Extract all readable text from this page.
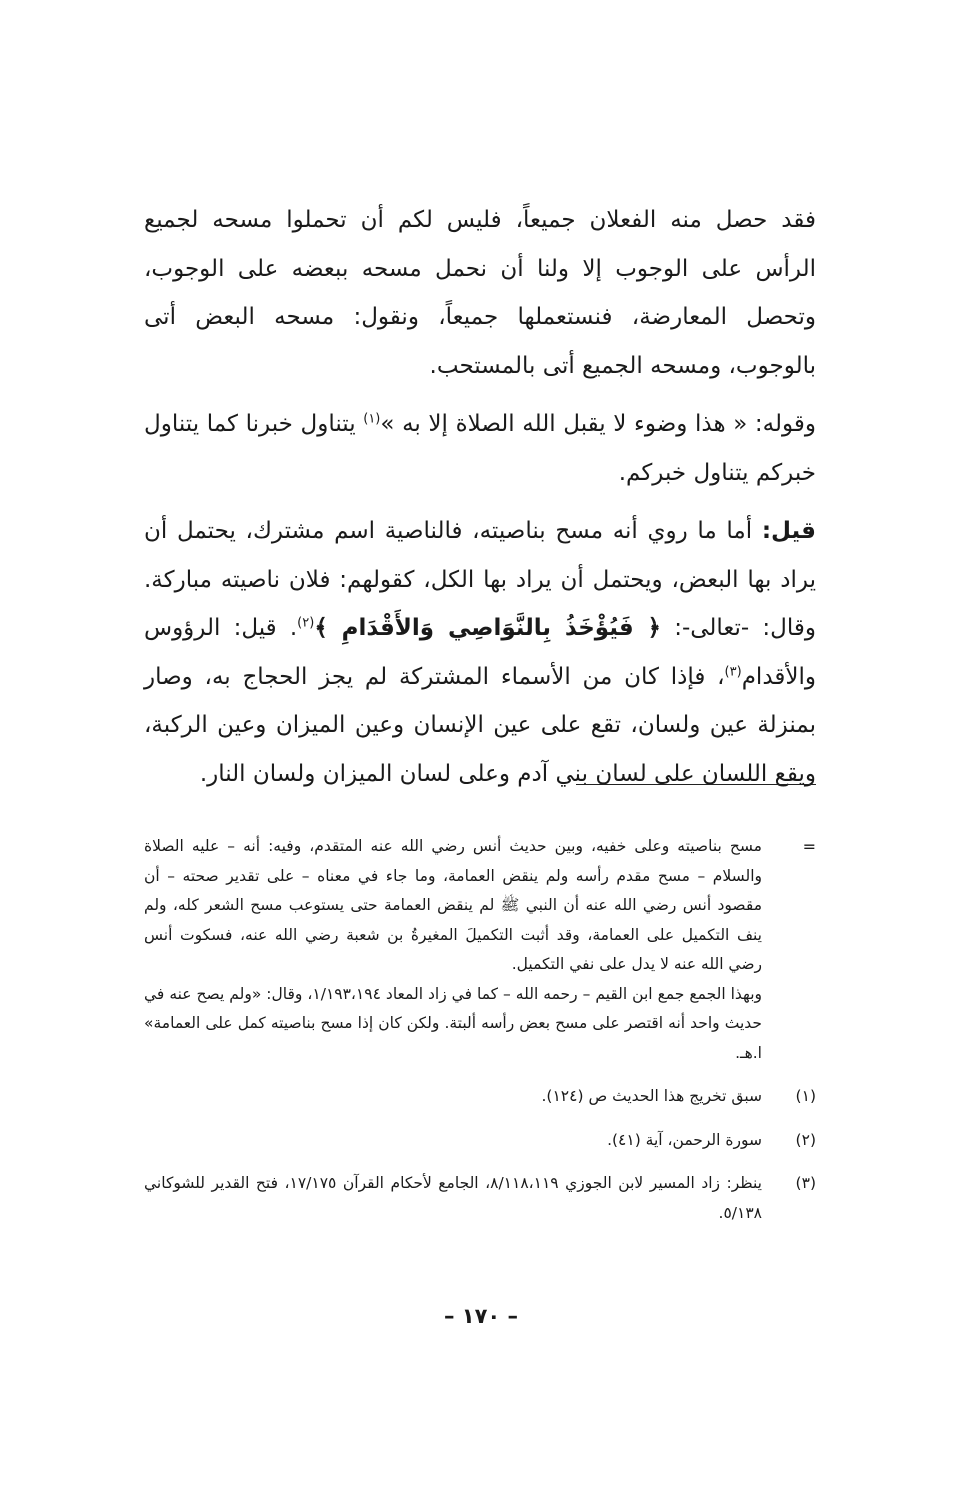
فقد حصل منه الفعلان جميعاً، فليس لكم أن تحملوا مسحه لجميع الرأس على الوجوب إلا ولنا أن نحمل مسحه ببعضه على الوجوب، وتحصل المعارضة، فنستعملها جميعاً، ونقول: مسحه البعض أتى بالوجوب، ومسحه الجميع أتى بالمستحب.

وقوله: « هذا وضوء لا يقبل الله الصلاة إلا به »$^{(١)}$ يتناول خبرنا كما يتناول خبركم يتناول خبركم.

قيل: أما ما روي أنه مسح بناصيته، فالناصية اسم مشترك، يحتمل أن يراد بها البعض، ويحتمل أن يراد بها الكل، كقولهم: فلان ناصيته مباركة. وقال: -تعالى-: ﴿ فَيُؤْخَذُ بِالنَّوَاصِي وَالأَقْدَامِ ﴾$^{(٢)}$. قيل: الرؤوس والأقدام$^{(٣)}$، فإذا كان من الأسماء المشتركة لم يجز الحجاج به، وصار بمنزلة عين ولسان، تقع على عين الإنسان وعين الميزان وعين الركبة، ويقع اللسان على لسان بني آدم وعلى لسان الميزان ولسان النار.

=

مسح بناصيته وعلى خفيه، وبين حديث أنس رضي الله عنه المتقدم، وفيه: أنه – عليه الصلاة والسلام – مسح مقدم رأسه ولم ينقض العمامة، وما جاء في معناه – على تقدير صحته – أن مقصود أنس رضي الله عنه أن النبي ﷺ لم ينقض العمامة حتى يستوعب مسح الشعر كله، ولم ينف التكميل على العمامة، وقد أثبت التكميلَ المغيرةُ بن شعبة رضي الله عنه، فسكوت أنس رضي الله عنه لا يدل على نفي التكميل.

وبهذا الجمع جمع ابن القيم – رحمه الله – كما في زاد المعاد ١/١٩٣،١٩٤، وقال: «ولم يصح عنه في حديث واحد أنه اقتصر على مسح بعض رأسه ألبتة. ولكن كان إذا مسح بناصيته كمل على العمامة» ا.هـ.

(١)

سبق تخريج هذا الحديث ص (١٢٤).

(٢)

سورة الرحمن، آية (٤١).

(٣)

ينظر: زاد المسير لابن الجوزي ٨/١١٨،١١٩، الجامع لأحكام القرآن ١٧/١٧٥، فتح القدير للشوكاني ٥/١٣٨.

– ١٧٠ –
